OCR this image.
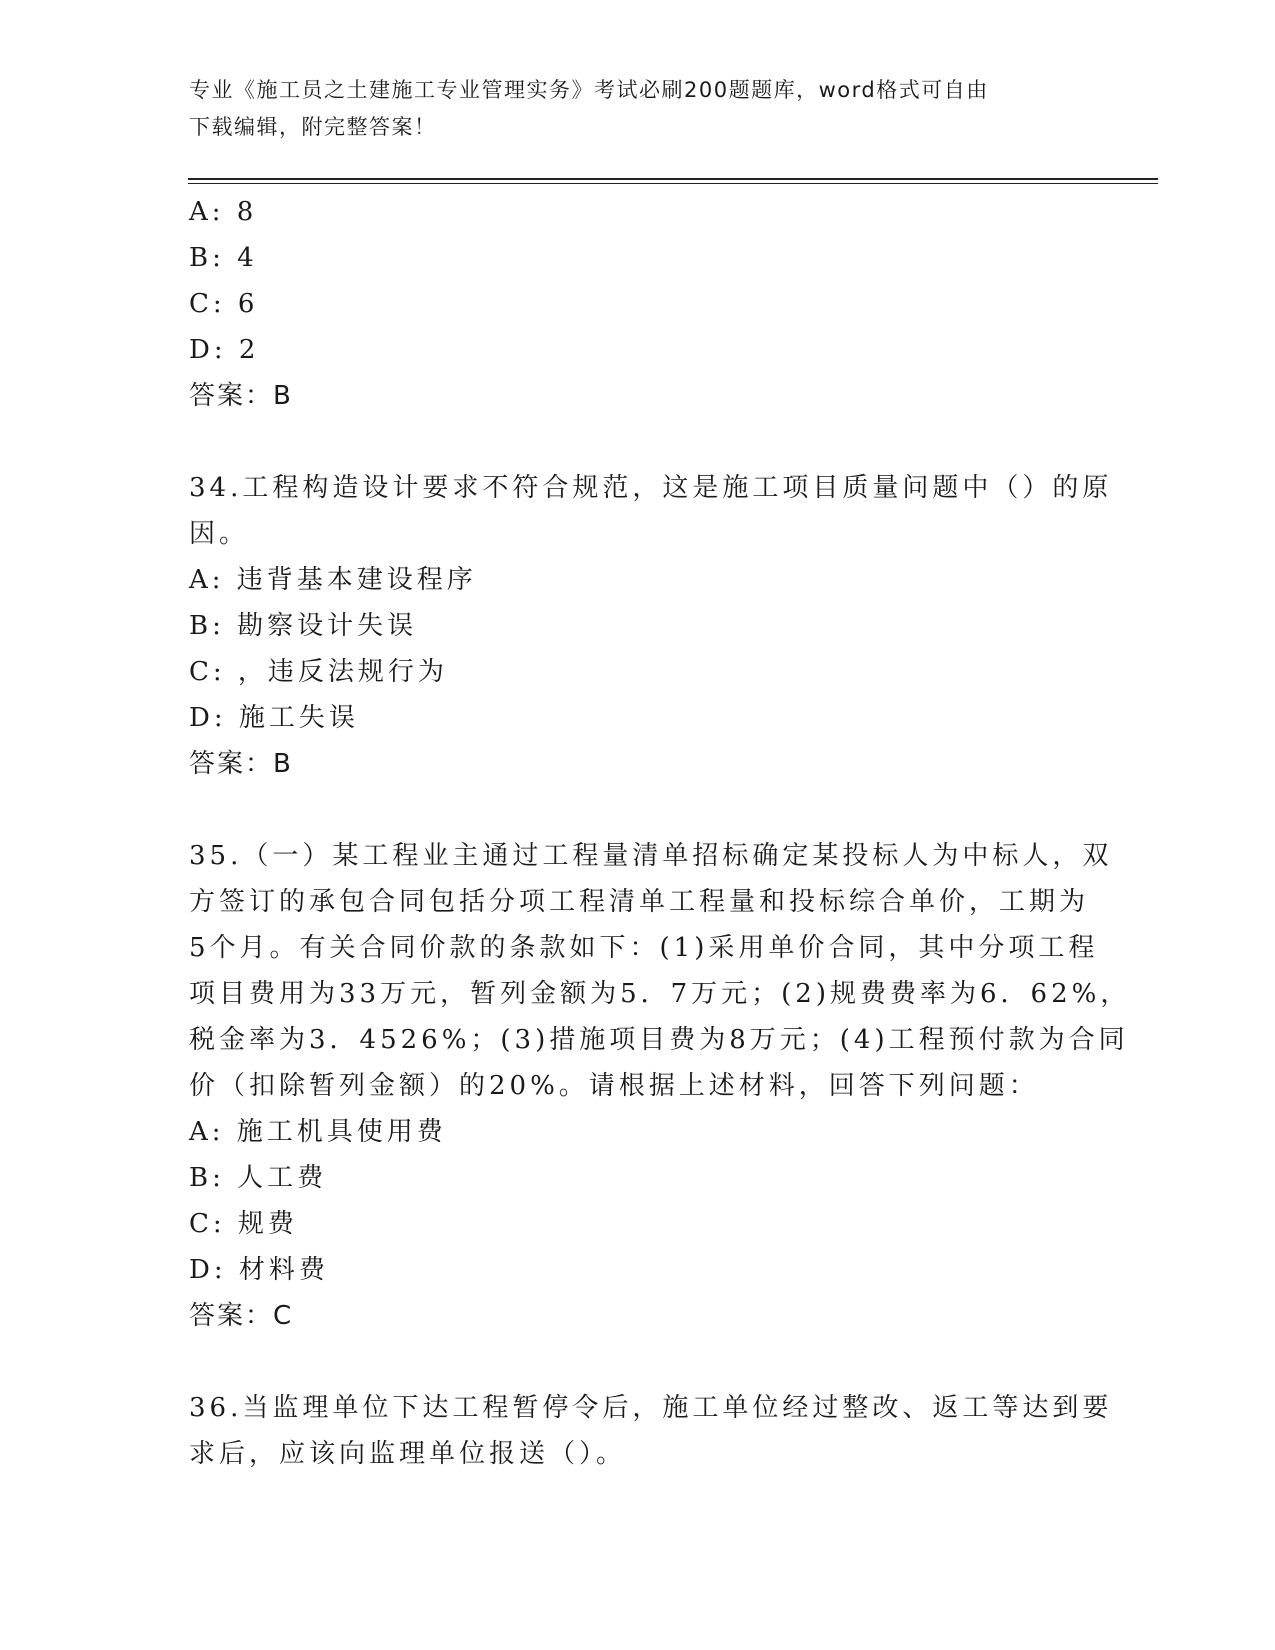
专业《施工员之土建施工专业管理实务》考试必刷200题题库，word格式可自由
下载编辑，附完整答案！
A: 8
B: 4
C: 6
D: 2
答案：B
34.工程构造设计要求不符合规范，这是施工项目质量问题中（）的原
因。
A: 违背基本建设程序
B: 勘察设计失误
C: ，违反法规行为
D: 施工失误
答案：B
35.（一）某工程业主通过工程量清单招标确定某投标人为中标人，双
方签订的承包合同包括分项工程清单工程量和投标综合单价，工期为
5个月。有关合同价款的条款如下：(1)采用单价合同，其中分项工程
项目费用为33万元，暂列金额为5．7万元；(2)规费费率为6．62%，
税金率为3．4526%；(3)措施项目费为8万元；(4)工程预付款为合同
价（扣除暂列金额）的20%。请根据上述材料，回答下列问题：
A: 施工机具使用费
B: 人工费
C: 规费
D: 材料费
答案：C
36.当监理单位下达工程暂停令后，施工单位经过整改、返工等达到要
求后，应该向监理单位报送（）。
